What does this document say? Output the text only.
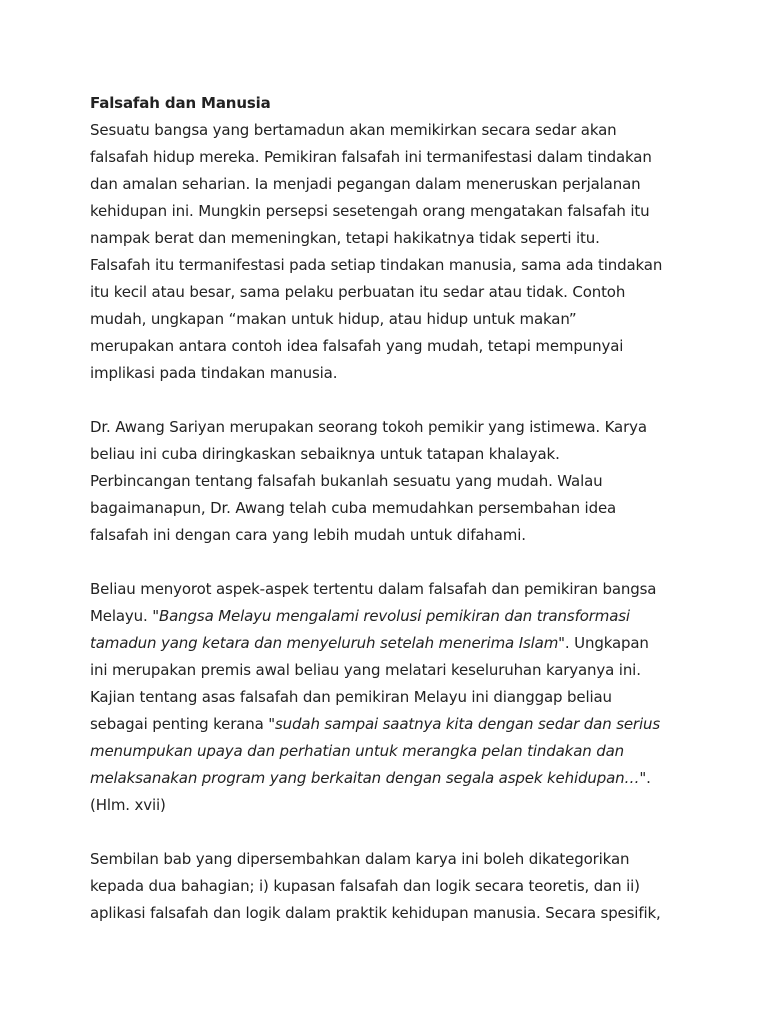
Falsafah dan Manusia
Sesuatu bangsa yang bertamadun akan memikirkan secara sedar akan
falsafah hidup mereka. Pemikiran falsafah ini termanifestasi dalam tindakan
dan amalan seharian. Ia menjadi pegangan dalam meneruskan perjalanan
kehidupan ini. Mungkin persepsi sesetengah orang mengatakan falsafah itu
nampak berat dan memeningkan, tetapi hakikatnya tidak seperti itu.
Falsafah itu termanifestasi pada setiap tindakan manusia, sama ada tindakan
itu kecil atau besar, sama pelaku perbuatan itu sedar atau tidak. Contoh
mudah, ungkapan “makan untuk hidup, atau hidup untuk makan”
merupakan antara contoh idea falsafah yang mudah, tetapi mempunyai
implikasi pada tindakan manusia.
Dr. Awang Sariyan merupakan seorang tokoh pemikir yang istimewa. Karya
beliau ini cuba diringkaskan sebaiknya untuk tatapan khalayak.
Perbincangan tentang falsafah bukanlah sesuatu yang mudah. Walau
bagaimanapun, Dr. Awang telah cuba memudahkan persembahan idea
falsafah ini dengan cara yang lebih mudah untuk difahami.
Beliau menyorot aspek-aspek tertentu dalam falsafah dan pemikiran bangsa
Melayu. "Bangsa Melayu mengalami revolusi pemikiran dan transformasi
tamadun yang ketara dan menyeluruh setelah menerima Islam". Ungkapan
ini merupakan premis awal beliau yang melatari keseluruhan karyanya ini.
Kajian tentang asas falsafah dan pemikiran Melayu ini dianggap beliau
sebagai penting kerana "sudah sampai saatnya kita dengan sedar dan serius
menumpukan upaya dan perhatian untuk merangka pelan tindakan dan
melaksanakan program yang berkaitan dengan segala aspek kehidupan…".
(Hlm. xvii)
Sembilan bab yang dipersembahkan dalam karya ini boleh dikategorikan
kepada dua bahagian; i) kupasan falsafah dan logik secara teoretis, dan ii)
aplikasi falsafah dan logik dalam praktik kehidupan manusia. Secara spesifik,
